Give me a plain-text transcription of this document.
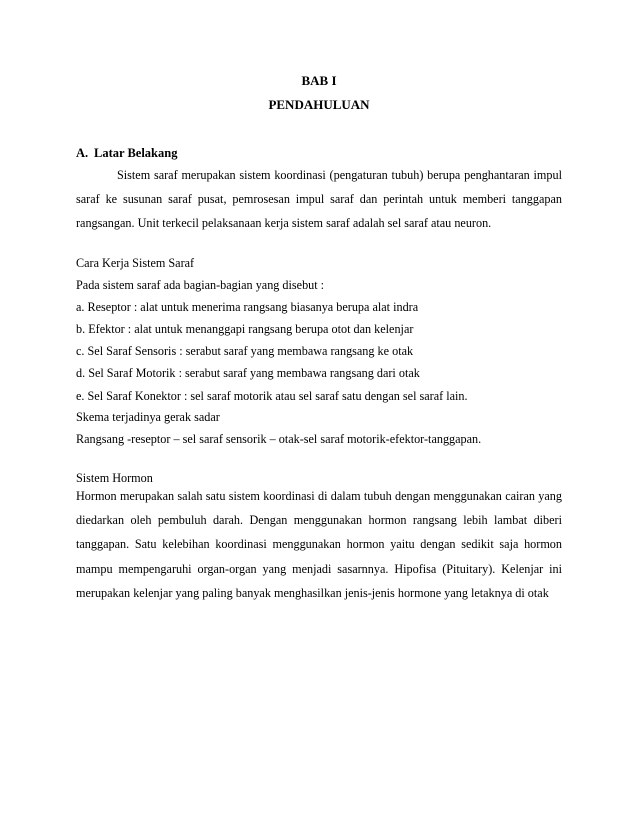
BAB I
PENDAHULUAN
A. Latar Belakang

Sistem saraf merupakan sistem koordinasi (pengaturan tubuh) berupa penghantaran impul saraf ke susunan saraf pusat, pemrosesan impul saraf dan perintah untuk memberi tanggapan rangsangan. Unit terkecil pelaksanaan kerja sistem saraf adalah sel saraf atau neuron.

Cara Kerja Sistem Saraf
Pada sistem saraf ada bagian-bagian yang disebut :
a. Reseptor : alat untuk menerima rangsang biasanya berupa alat indra
b. Efektor : alat untuk menanggapi rangsang berupa otot dan kelenjar
c. Sel Saraf Sensoris : serabut saraf yang membawa rangsang ke otak
d. Sel Saraf Motorik : serabut saraf yang membawa rangsang dari otak
e. Sel Saraf Konektor : sel saraf motorik atau sel saraf satu dengan sel saraf lain.
Skema terjadinya gerak sadar
Rangsang -reseptor – sel saraf sensorik – otak-sel saraf motorik-efektor-tanggapan.
Sistem Hormon

Hormon merupakan salah satu sistem koordinasi di dalam tubuh dengan menggunakan cairan yang diedarkan oleh pembuluh darah. Dengan menggunakan hormon rangsang lebih lambat diberi tanggapan. Satu kelebihan koordinasi menggunakan hormon yaitu dengan sedikit saja hormon mampu mempengaruhi organ-organ yang menjadi sasarnnya. Hipofisa (Pituitary). Kelenjar ini merupakan kelenjar yang paling banyak menghasilkan jenis-jenis hormone yang letaknya di otak
